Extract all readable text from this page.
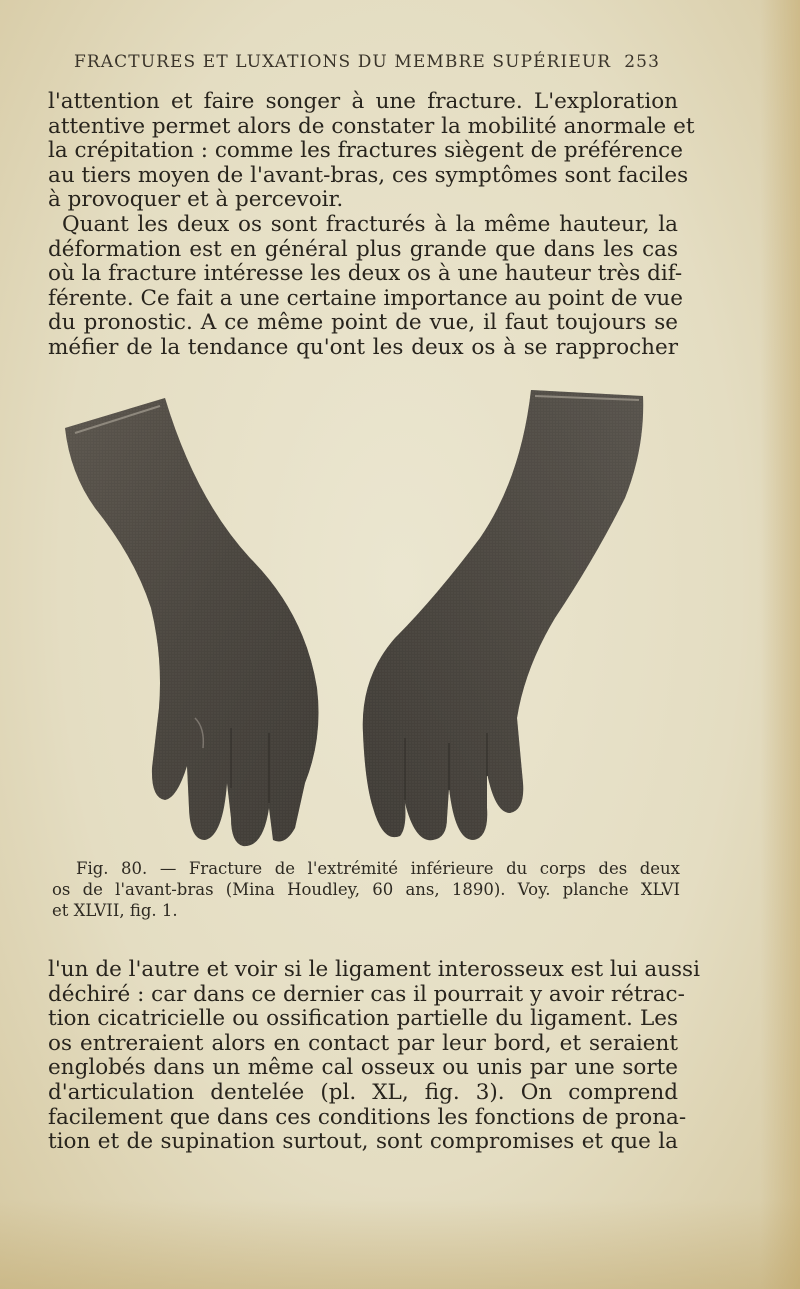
FRACTURES ET LUXATIONS DU MEMBRE SUPÉRIEUR 253
l'attention et faire songer à une fracture. L'exploration
attentive permet alors de constater la mobilité anormale et
la crépitation : comme les fractures siègent de préférence
au tiers moyen de l'avant-bras, ces symptômes sont faciles
à provoquer et à percevoir.
Quant les deux os sont fracturés à la même hauteur, la
déformation est en général plus grande que dans les cas
où la fracture intéresse les deux os à une hauteur très dif-
férente. Ce fait a une certaine importance au point de vue
du pronostic. A ce même point de vue, il faut toujours se
méfier de la tendance qu'ont les deux os à se rapprocher
Fig. 80. — Fracture de l'extrémité inférieure du corps des deux
os de l'avant-bras (Mina Houdley, 60 ans, 1890). Voy. planche XLVI
et XLVII, fig. 1.
l'un de l'autre et voir si le ligament interosseux est lui aussi
déchiré : car dans ce dernier cas il pourrait y avoir rétrac-
tion cicatricielle ou ossification partielle du ligament. Les
os entreraient alors en contact par leur bord, et seraient
englobés dans un même cal osseux ou unis par une sorte
d'articulation dentelée (pl. XL, fig. 3). On comprend
facilement que dans ces conditions les fonctions de prona-
tion et de supination surtout, sont compromises et que la
